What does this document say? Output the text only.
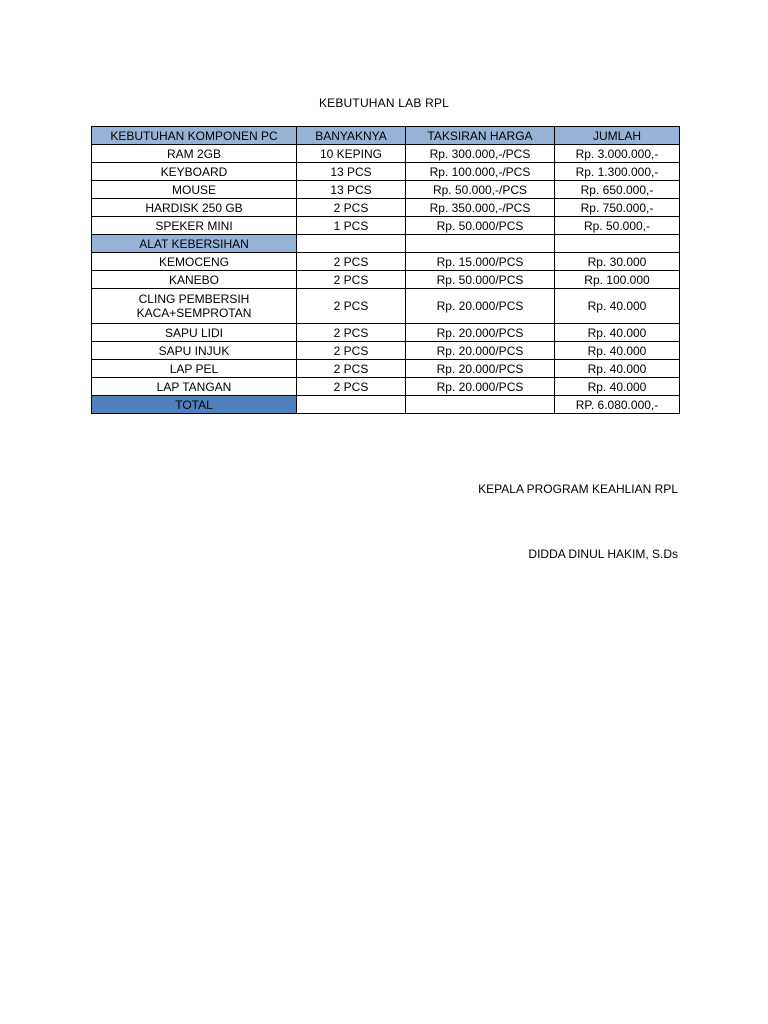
KEBUTUHAN LAB RPL
KEBUTUHAN KOMPONEN PC	BANYAKNYA	TAKSIRAN HARGA	JUMLAH
RAM 2GB	10 KEPING	Rp. 300.000,-/PCS	Rp. 3.000.000,-
KEYBOARD	13 PCS	Rp. 100.000,-/PCS	Rp. 1.300.000,-
MOUSE	13 PCS	Rp. 50.000,-/PCS	Rp. 650.000,-
HARDISK 250 GB	2 PCS	Rp. 350.000,-/PCS	Rp. 750.000,-
SPEKER MINI	1 PCS	Rp. 50.000/PCS	Rp. 50.000,-
ALAT KEBERSIHAN			
KEMOCENG	2 PCS	Rp. 15.000/PCS	Rp. 30.000
KANEBO	2 PCS	Rp. 50.000/PCS	Rp. 100.000
CLING PEMBERSIH KACA+SEMPROTAN	2 PCS	Rp. 20.000/PCS	Rp. 40.000
SAPU LIDI	2 PCS	Rp. 20.000/PCS	Rp. 40.000
SAPU INJUK	2 PCS	Rp. 20.000/PCS	Rp. 40.000
LAP PEL	2 PCS	Rp. 20.000/PCS	Rp. 40.000
LAP TANGAN	2 PCS	Rp. 20.000/PCS	Rp. 40.000
TOTAL			RP. 6.080.000,-
KEPALA PROGRAM KEAHLIAN RPL
DIDDA DINUL HAKIM, S.Ds
